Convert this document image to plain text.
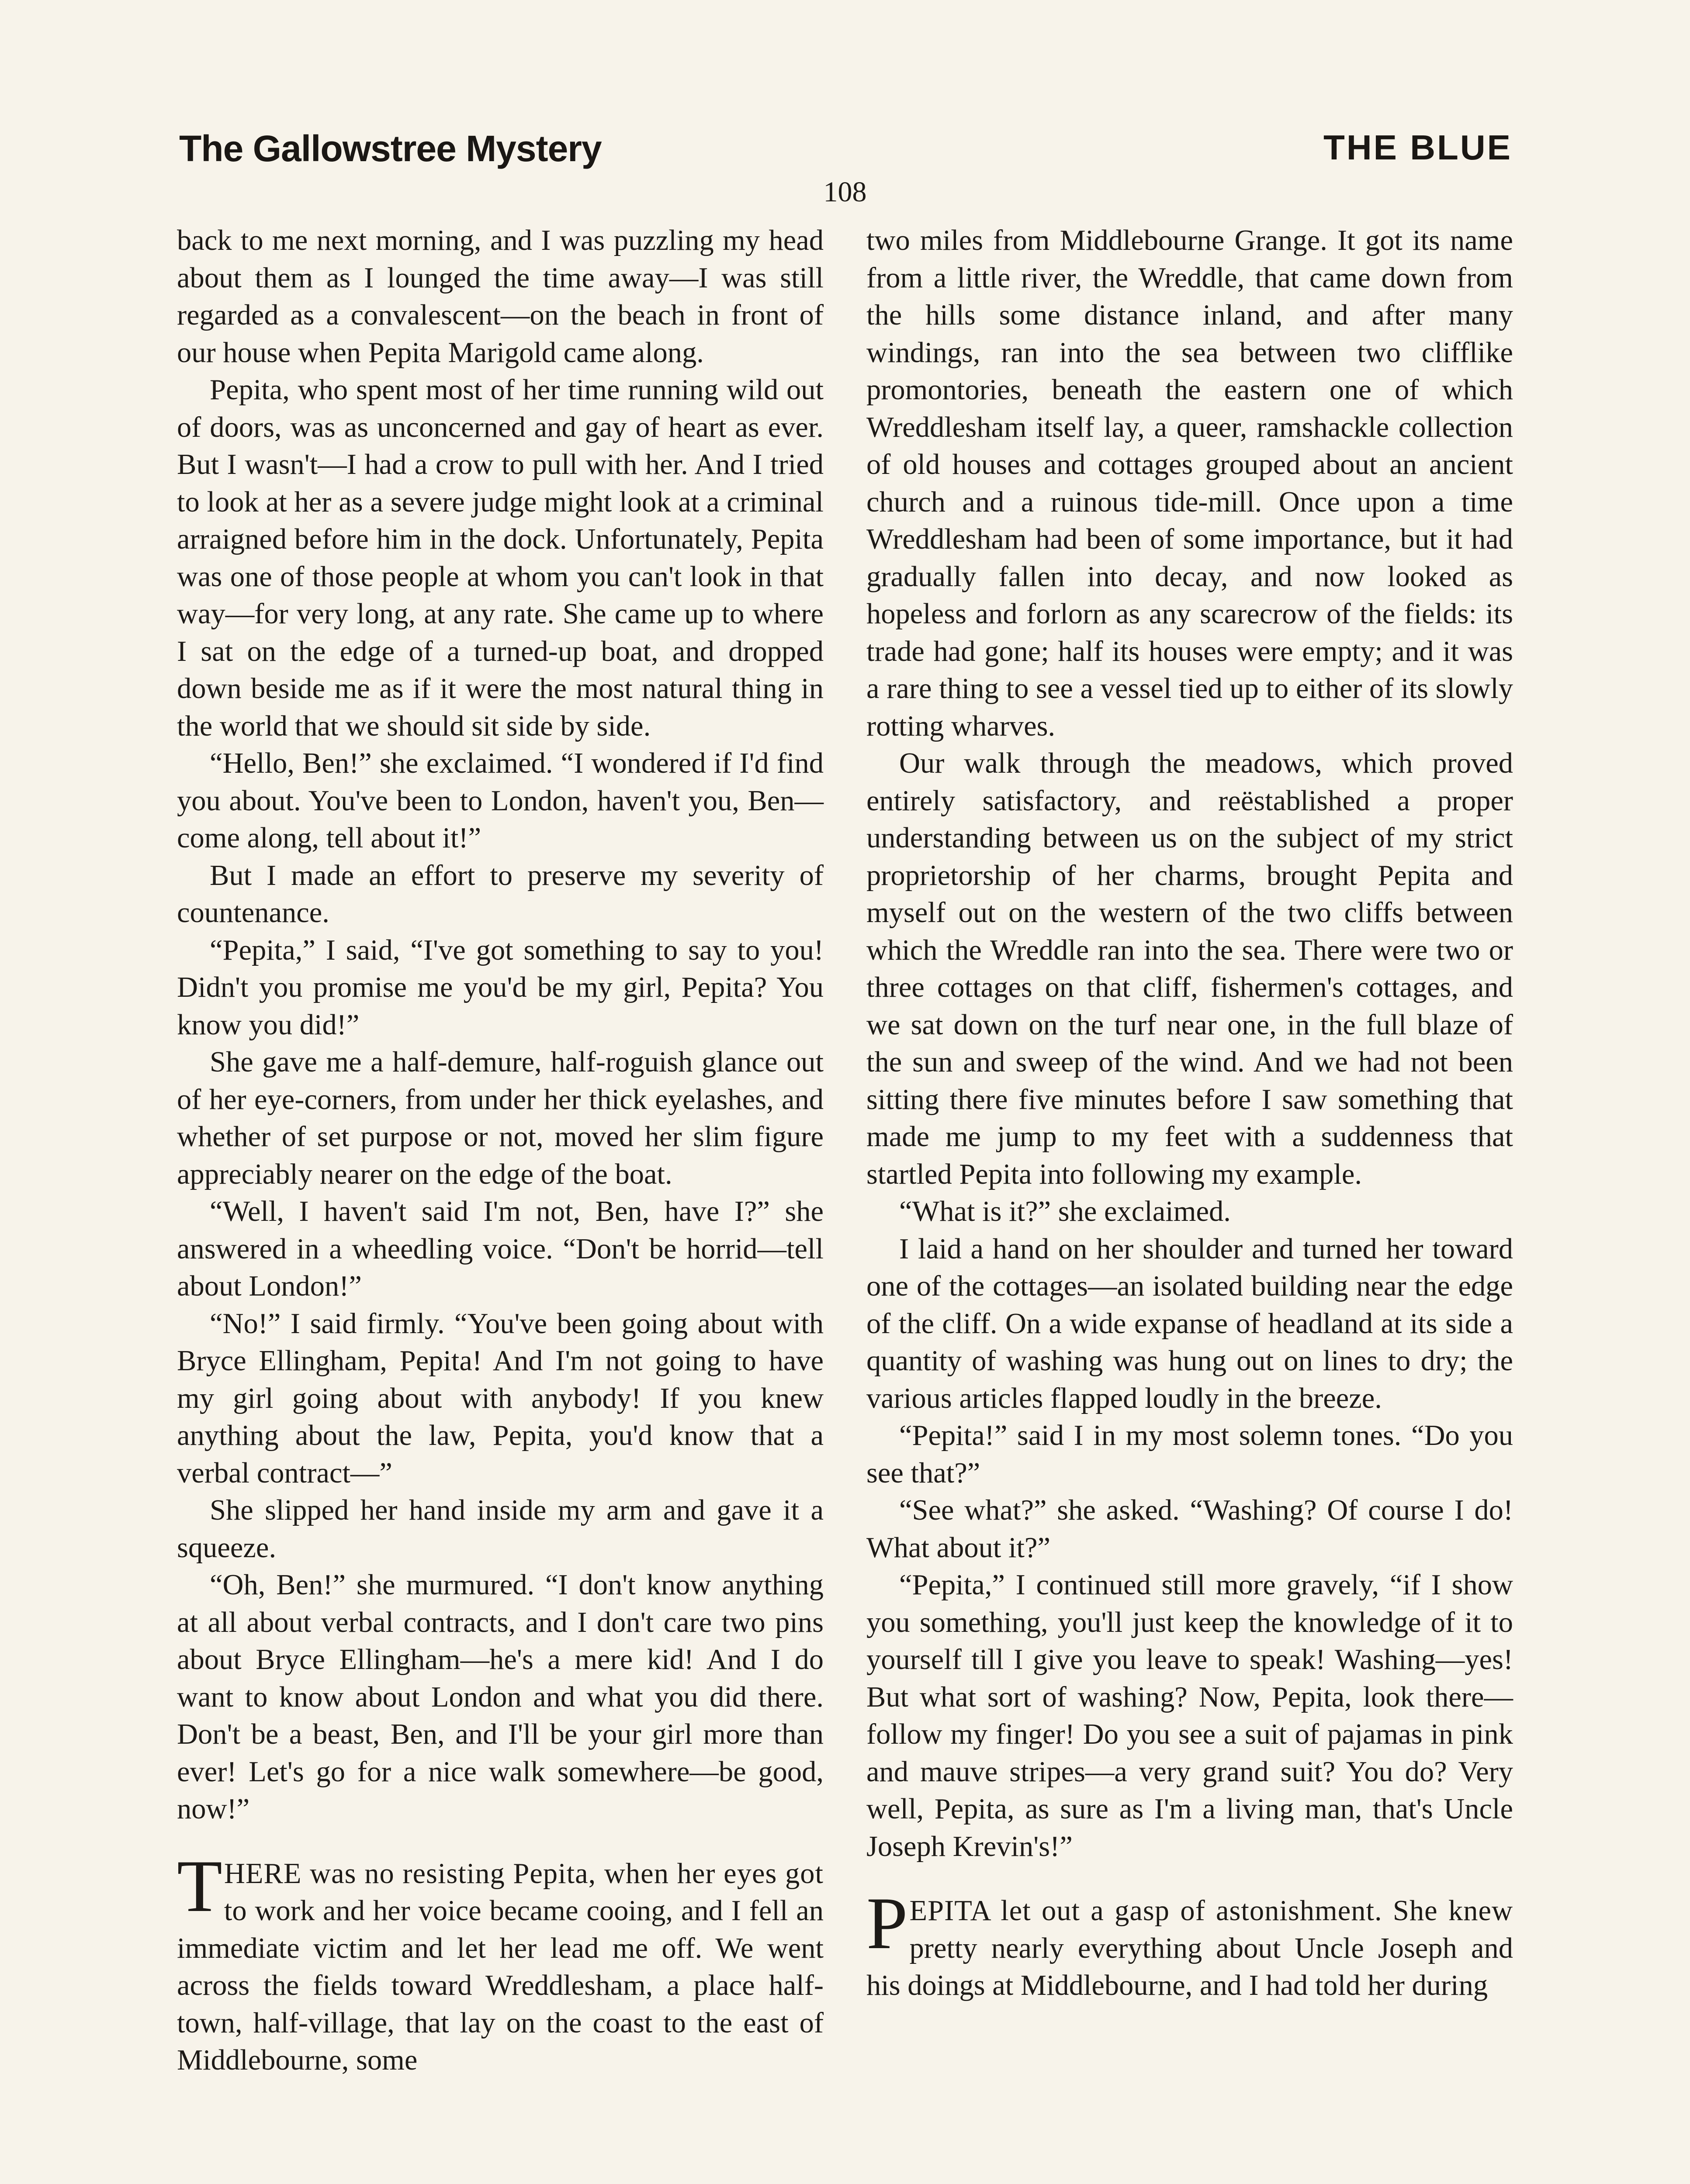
The Gallowstree Mystery	THE BLUE
108

back to me next morning, and I was puzzling my head about them as I lounged the time away—I was still regarded as a convalescent—on the beach in front of our house when Pepita Marigold came along.

Pepita, who spent most of her time running wild out of doors, was as unconcerned and gay of heart as ever. But I wasn't—I had a crow to pull with her. And I tried to look at her as a severe judge might look at a criminal arraigned before him in the dock. Unfortunately, Pepita was one of those people at whom you can't look in that way—for very long, at any rate. She came up to where I sat on the edge of a turned-up boat, and dropped down beside me as if it were the most natural thing in the world that we should sit side by side.

“Hello, Ben!” she exclaimed. “I wondered if I'd find you about. You've been to London, haven't you, Ben—come along, tell about it!”

But I made an effort to preserve my severity of countenance.

“Pepita,” I said, “I've got something to say to you! Didn't you promise me you'd be my girl, Pepita? You know you did!”

She gave me a half-demure, half-roguish glance out of her eye-corners, from under her thick eyelashes, and whether of set purpose or not, moved her slim figure appreciably nearer on the edge of the boat.

“Well, I haven't said I'm not, Ben, have I?” she answered in a wheedling voice. “Don't be horrid—tell about London!”

“No!” I said firmly. “You've been going about with Bryce Ellingham, Pepita! And I'm not going to have my girl going about with anybody! If you knew anything about the law, Pepita, you'd know that a verbal contract—”

She slipped her hand inside my arm and gave it a squeeze.

“Oh, Ben!” she murmured. “I don't know anything at all about verbal contracts, and I don't care two pins about Bryce Ellingham—he's a mere kid! And I do want to know about London and what you did there. Don't be a beast, Ben, and I'll be your girl more than ever! Let's go for a nice walk somewhere—be good, now!”

THERE was no resisting Pepita, when her eyes got to work and her voice became cooing, and I fell an immediate victim and let her lead me off. We went across the fields toward Wreddlesham, a place half-town, half-village, that lay on the coast to the east of Middlebourne, some

two miles from Middlebourne Grange. It got its name from a little river, the Wreddle, that came down from the hills some distance inland, and after many windings, ran into the sea between two clifflike promontories, beneath the eastern one of which Wreddlesham itself lay, a queer, ramshackle collection of old houses and cottages grouped about an ancient church and a ruinous tide-mill. Once upon a time Wreddlesham had been of some importance, but it had gradually fallen into decay, and now looked as hopeless and forlorn as any scarecrow of the fields: its trade had gone; half its houses were empty; and it was a rare thing to see a vessel tied up to either of its slowly rotting wharves.

Our walk through the meadows, which proved entirely satisfactory, and reëstablished a proper understanding between us on the subject of my strict proprietorship of her charms, brought Pepita and myself out on the western of the two cliffs between which the Wreddle ran into the sea. There were two or three cottages on that cliff, fishermen's cottages, and we sat down on the turf near one, in the full blaze of the sun and sweep of the wind. And we had not been sitting there five minutes before I saw something that made me jump to my feet with a suddenness that startled Pepita into following my example.

“What is it?” she exclaimed.

I laid a hand on her shoulder and turned her toward one of the cottages—an isolated building near the edge of the cliff. On a wide expanse of headland at its side a quantity of washing was hung out on lines to dry; the various articles flapped loudly in the breeze.

“Pepita!” said I in my most solemn tones. “Do you see that?”

“See what?” she asked. “Washing? Of course I do! What about it?”

“Pepita,” I continued still more gravely, “if I show you something, you'll just keep the knowledge of it to yourself till I give you leave to speak! Washing—yes! But what sort of washing? Now, Pepita, look there—follow my finger! Do you see a suit of pajamas in pink and mauve stripes—a very grand suit? You do? Very well, Pepita, as sure as I'm a living man, that's Uncle Joseph Krevin's!”

PEPITA let out a gasp of astonishment. She knew pretty nearly everything about Uncle Joseph and his doings at Middlebourne, and I had told her during
